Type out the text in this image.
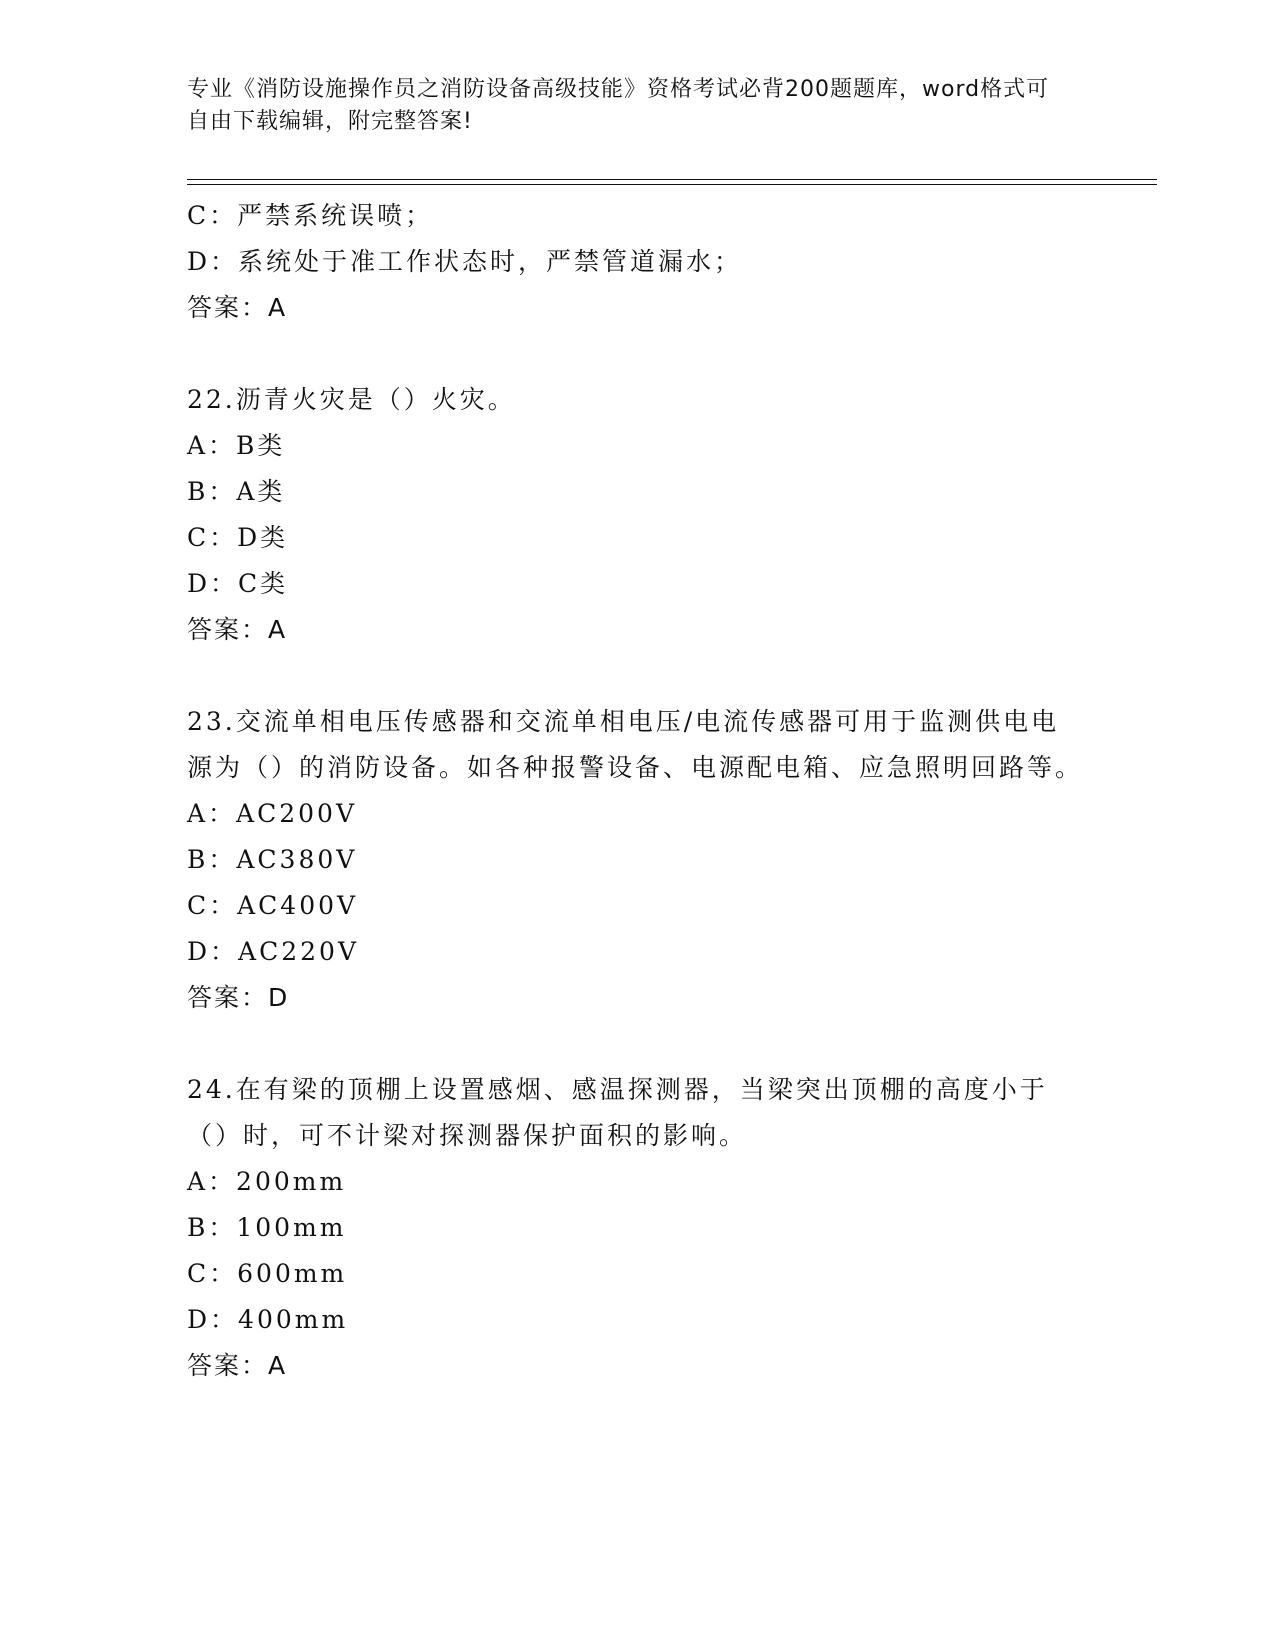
专业《消防设施操作员之消防设备高级技能》资格考试必背200题题库，word格式可自由下载编辑，附完整答案!
C：严禁系统误喷；
D：系统处于准工作状态时，严禁管道漏水；
答案：A
22.沥青火灾是（）火灾。
A：B类
B：A类
C：D类
D：C类
答案：A
23.交流单相电压传感器和交流单相电压/电流传感器可用于监测供电电源为（）的消防设备。如各种报警设备、电源配电箱、应急照明回路等。
A：AC200V
B：AC380V
C：AC400V
D：AC220V
答案：D
24.在有梁的顶棚上设置感烟、感温探测器，当梁突出顶棚的高度小于（）时，可不计梁对探测器保护面积的影响。
A：200mm
B：100mm
C：600mm
D：400mm
答案：A
